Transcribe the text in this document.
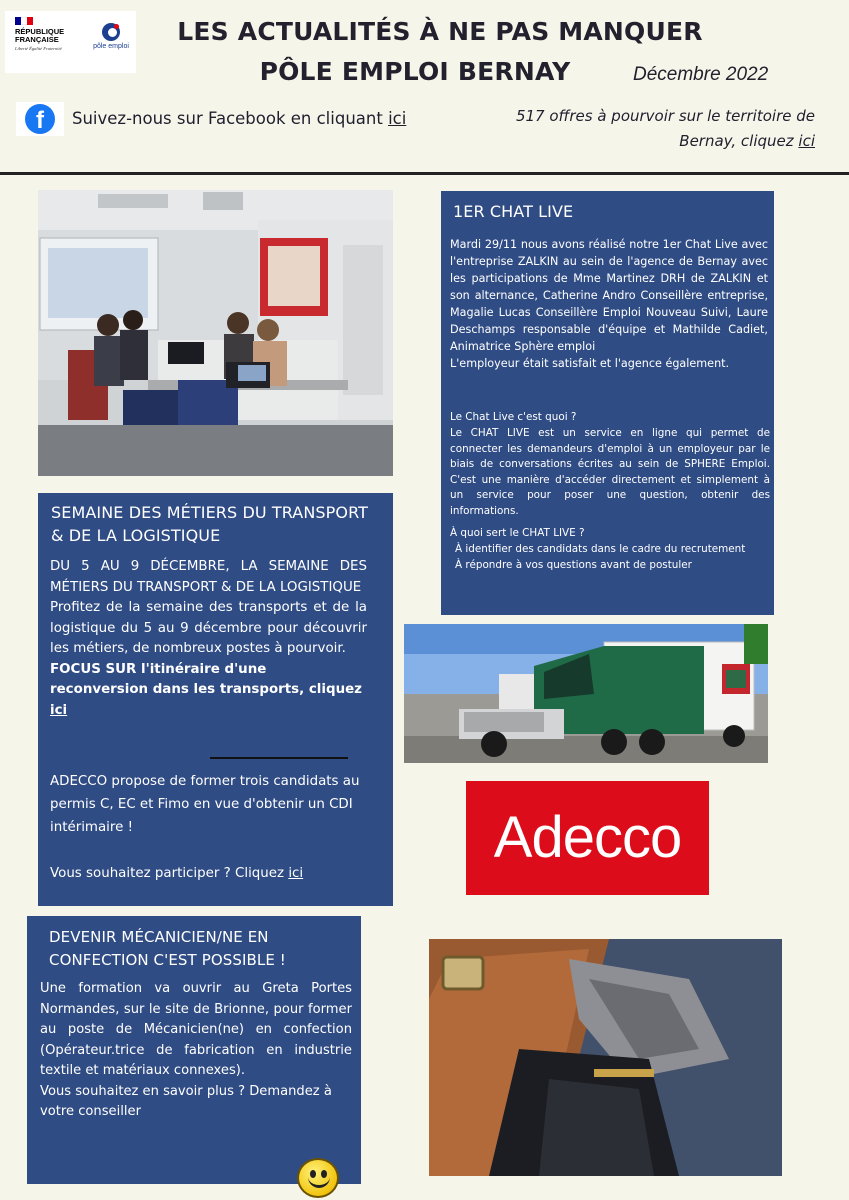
RÉPUBLIQUE
FRANÇAISE
Liberté Égalité Fraternité	pôle emploi
LES ACTUALITÉS À NE PAS MANQUER
PÔLE EMPLOI BERNAY	Décembre 2022
f	Suivez-nous sur Facebook en cliquant ici	517 offres à pourvoir sur le territoire de Bernay, cliquez ici
1ER CHAT LIVE

Mardi 29/11 nous avons réalisé notre 1er Chat Live avec l'entreprise ZALKIN au sein de l'agence de Bernay avec les participations de Mme Martinez DRH de ZALKIN et son alternance, Catherine Andro Conseillère entreprise, Magalie Lucas Conseillère Emploi Nouveau Suivi, Laure Deschamps responsable d'équipe et Mathilde Cadiet, Animatrice Sphère emploi
L'employeur était satisfait et l'agence également.

Le Chat Live c'est quoi ?

Le CHAT LIVE est un service en ligne qui permet de connecter les demandeurs d'emploi à un employeur par le biais de conversations écrites au sein de SPHERE Emploi. C'est une manière d'accéder directement et simplement à un service pour poser une question, obtenir des informations.

À quoi sert le CHAT LIVE ?

À identifier des candidats dans le cadre du recrutement

À répondre à vos questions avant de postuler

Adecco
SEMAINE DES MÉTIERS DU TRANSPORT & DE LA LOGISTIQUE
DU 5 AU 9 DÉCEMBRE, LA SEMAINE DES MÉTIERS DU TRANSPORT & DE LA LOGISTIQUE
Profitez de la semaine des transports et de la logistique du 5 au 9 décembre pour découvrir les métiers, de nombreux postes à pourvoir.
FOCUS SUR l'itinéraire d'une reconversion dans les transports, cliquez ici

ADECCO propose de former trois candidats au permis C, EC et Fimo en vue d'obtenir un CDI intérimaire !

Vous souhaitez participer ? Cliquez ici

DEVENIR MÉCANICIEN/NE EN CONFECTION C'EST POSSIBLE !
Une formation va ouvrir au Greta Portes Normandes, sur le site de Brionne, pour former au poste de Mécanicien(ne) en confection (Opérateur.trice de fabrication en industrie textile et matériaux connexes).
Vous souhaitez en savoir plus ? Demandez à votre conseiller
